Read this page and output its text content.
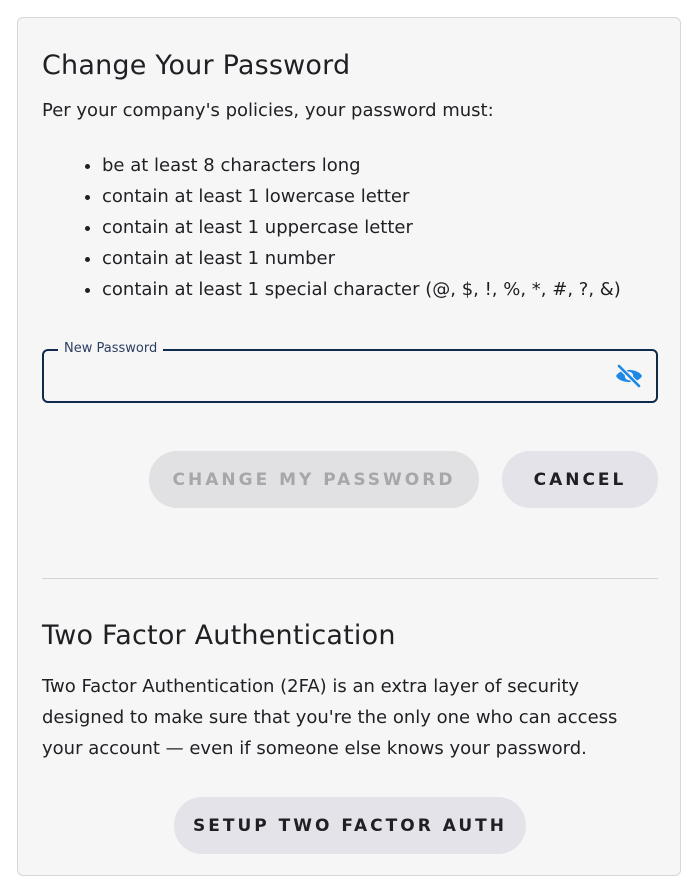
Change Your Password
Per your company's policies, your password must:
• be at least 8 characters long
• contain at least 1 lowercase letter
• contain at least 1 uppercase letter
• contain at least 1 number
• contain at least 1 special character (@, $, !, %, *, #, ?, &)
New Password
CHANGE MY PASSWORD	CANCEL
Two Factor Authentication
Two Factor Authentication (2FA) is an extra layer of security designed to make sure that you're the only one who can access your account — even if someone else knows your password.
SETUP TWO FACTOR AUTH
